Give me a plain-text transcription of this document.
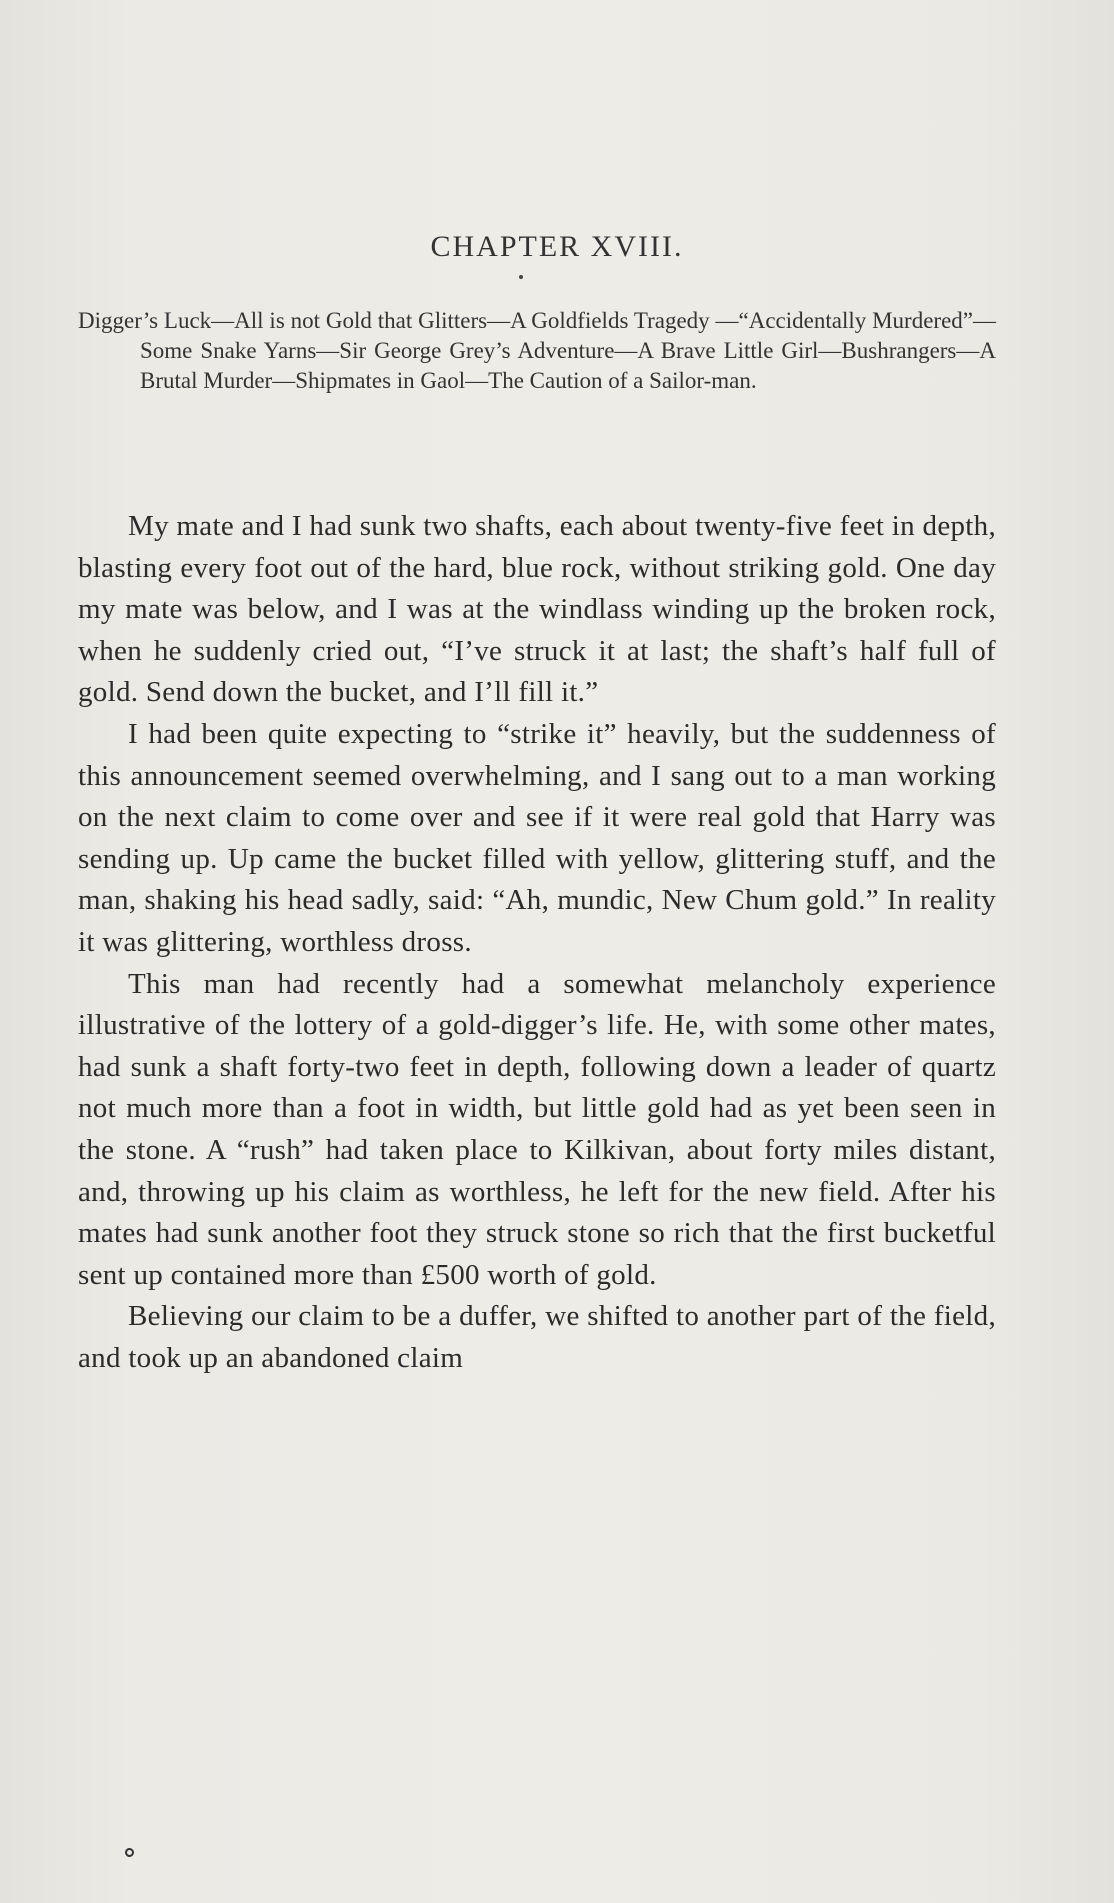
CHAPTER XVIII.
Digger’s Luck—All is not Gold that Glitters—A Goldfields Tragedy —“Accidentally Murdered”—Some Snake Yarns—Sir George Grey’s Adventure—A Brave Little Girl—Bushrangers—A Brutal Murder—Shipmates in Gaol—The Caution of a Sailor-man.

My mate and I had sunk two shafts, each about twenty-five feet in depth, blasting every foot out of the hard, blue rock, without striking gold. One day my mate was below, and I was at the windlass winding up the broken rock, when he suddenly cried out, “I’ve struck it at last; the shaft’s half full of gold. Send down the bucket, and I’ll fill it.”

I had been quite expecting to “strike it” heavily, but the suddenness of this announcement seemed overwhelming, and I sang out to a man working on the next claim to come over and see if it were real gold that Harry was sending up. Up came the bucket filled with yellow, glittering stuff, and the man, shaking his head sadly, said: “Ah, mundic, New Chum gold.” In reality it was glittering, worthless dross.

This man had recently had a somewhat melancholy experience illustrative of the lottery of a gold-digger’s life. He, with some other mates, had sunk a shaft forty-two feet in depth, following down a leader of quartz not much more than a foot in width, but little gold had as yet been seen in the stone. A “rush” had taken place to Kilkivan, about forty miles distant, and, throwing up his claim as worthless, he left for the new field. After his mates had sunk another foot they struck stone so rich that the first bucketful sent up contained more than £500 worth of gold.

Believing our claim to be a duffer, we shifted to another part of the field, and took up an abandoned claim
